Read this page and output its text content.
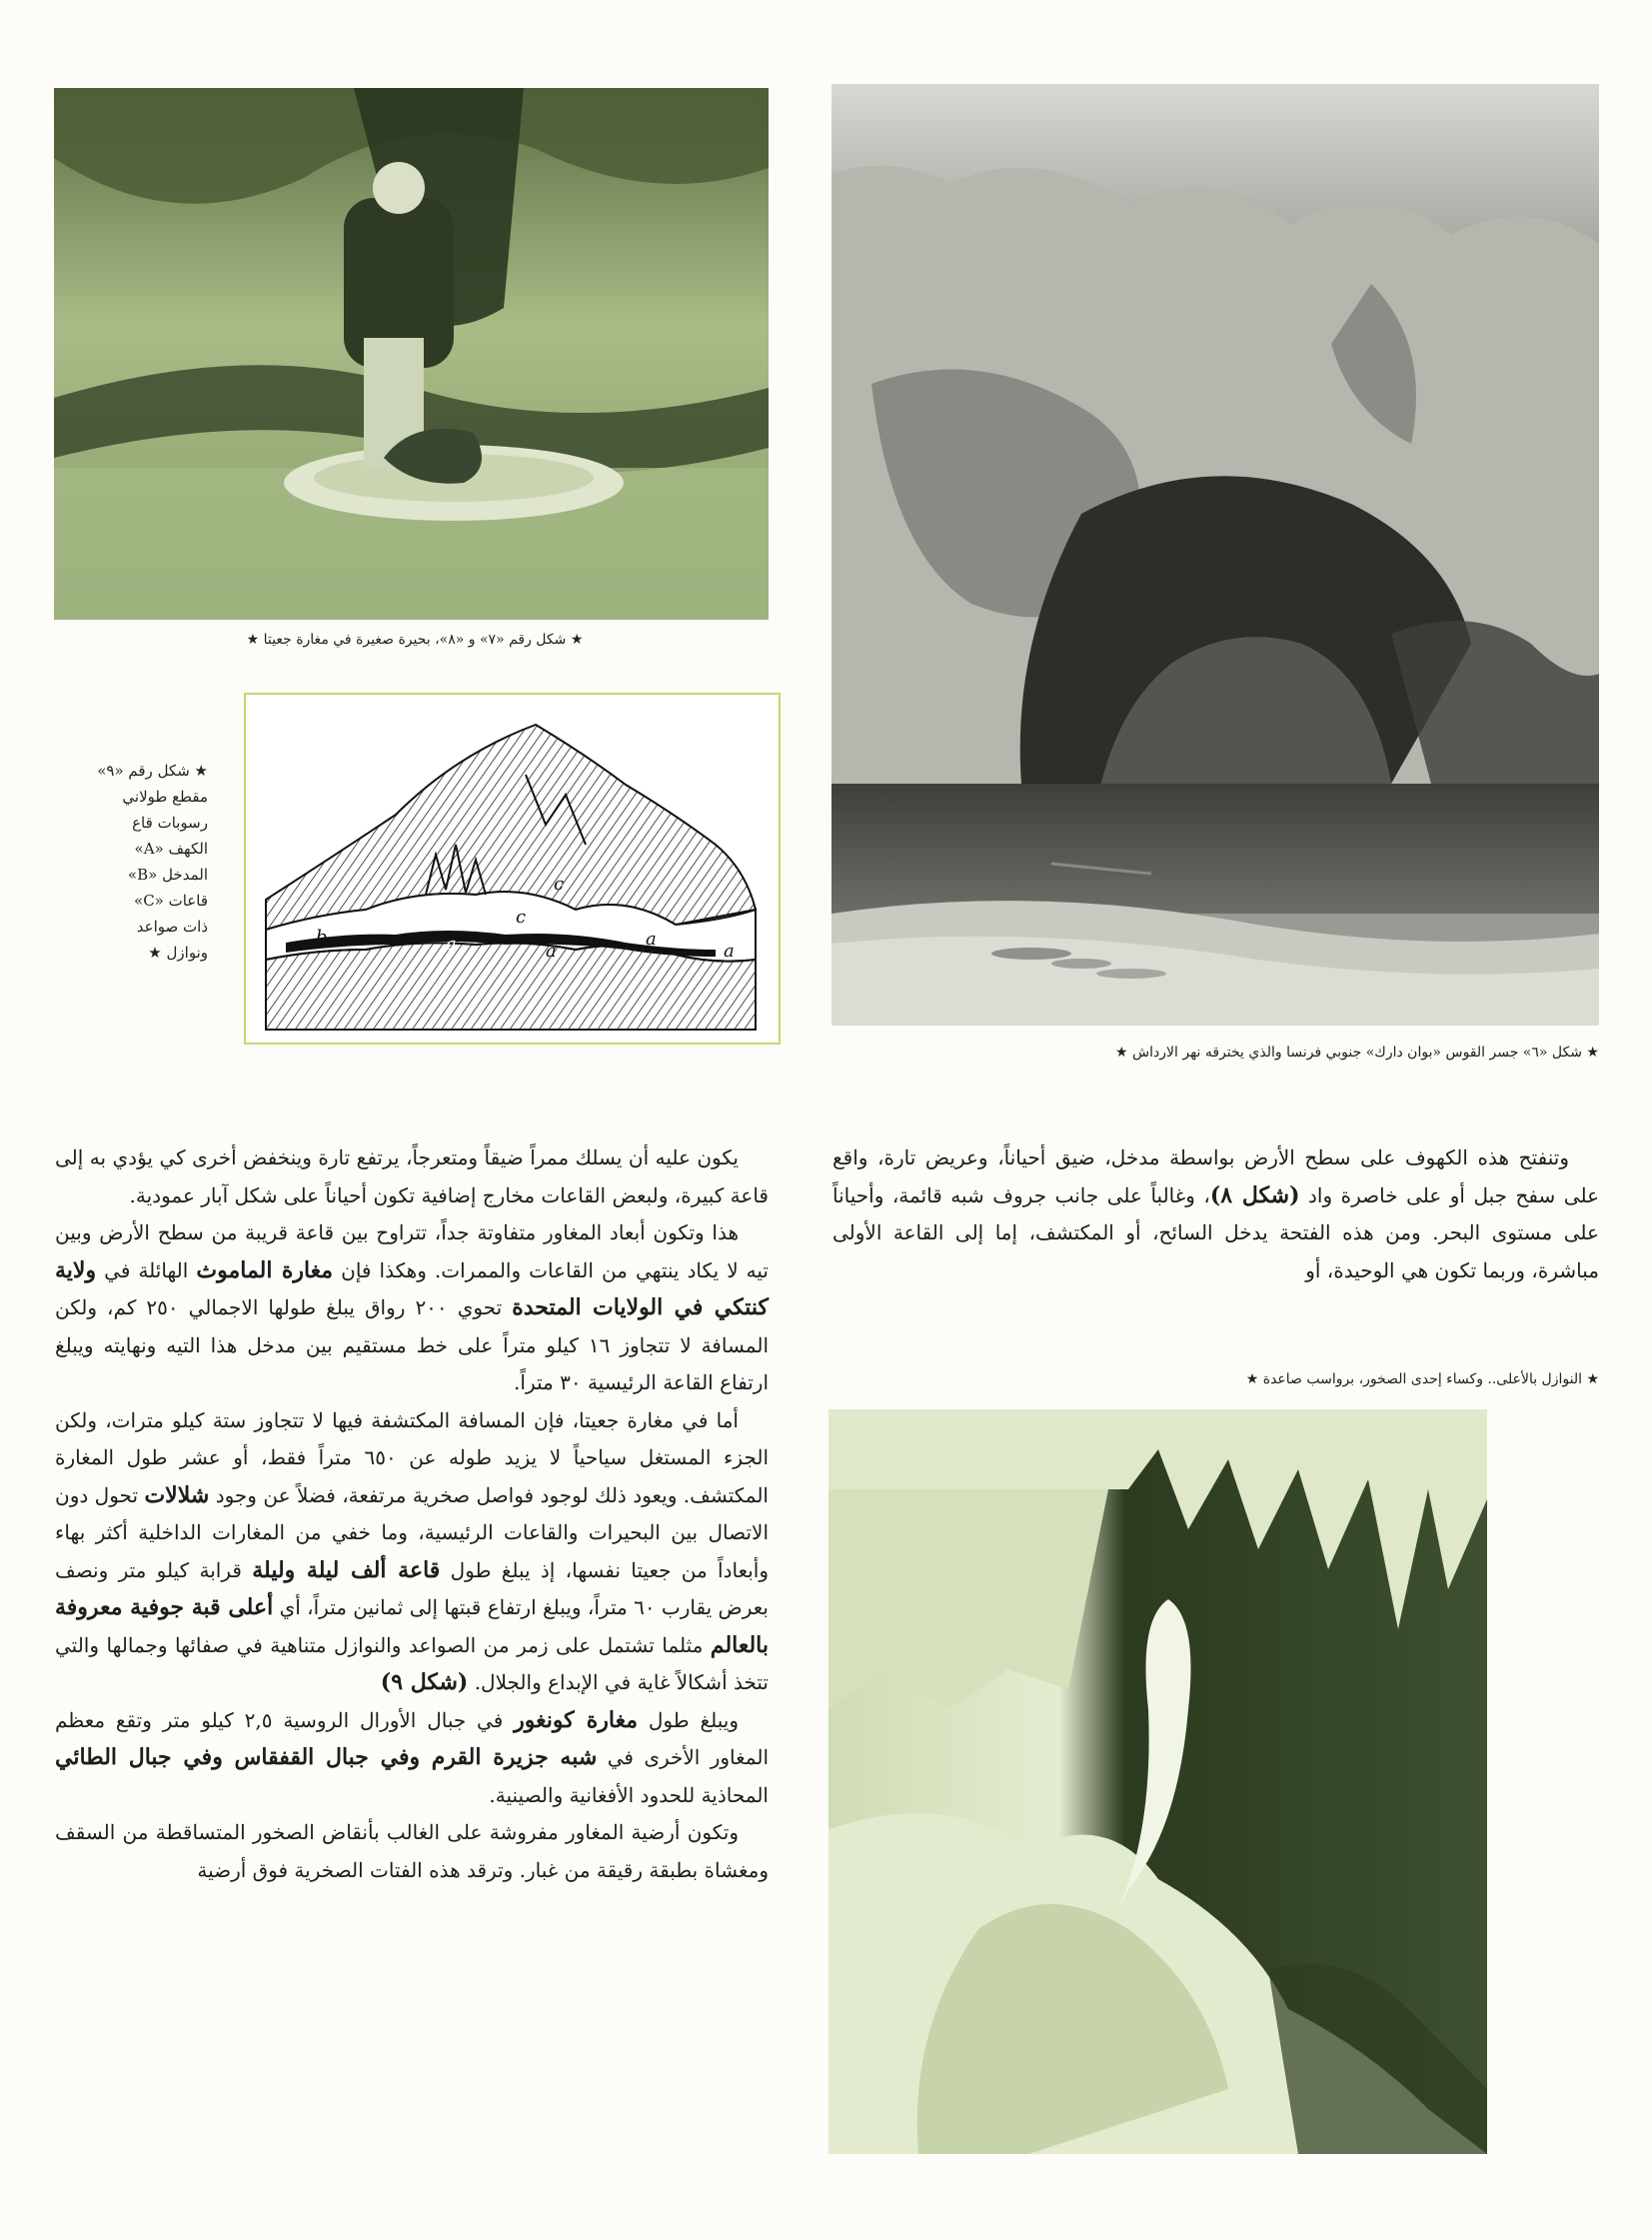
★ شكل رقم «٧» و «٨»، بحيرة صغيرة في مغارة جعيتا ★
b
c
c
a	a
a
a
★ شكل رقم «٩»
مقطع طولاني
رسوبات قاع
الكهف «A»
المدخل «B»
قاعات «C»
ذات صواعد
ونوازل ★
★ شكل «٦» جسر القوس «بوان دارك» جنوبي فرنسا والذي يخترقه نهر الارداش ★

وتنفتح هذه الكهوف على سطح الأرض بواسطة مدخل، ضيق أحياناً، وعريض تارة، واقع على سفح جبل أو على خاصرة واد (شكل ٨)، وغالباً على جانب جروف شبه قائمة، وأحياناً على مستوى البحر. ومن هذه الفتحة يدخل السائح، أو المكتشف، إما إلى القاعة الأولى مباشرة، وربما تكون هي الوحيدة، أو

★ النوازل بالأعلى.. وكساء إحدى الصخور، برواسب صاعدة ★

يكون عليه أن يسلك ممراً ضيقاً ومتعرجاً، يرتفع تارة وينخفض أخرى كي يؤدي به إلى قاعة كبيرة، ولبعض القاعات مخارج إضافية تكون أحياناً على شكل آبار عمودية.

هذا وتكون أبعاد المغاور متفاوتة جداً، تتراوح بين قاعة قريبة من سطح الأرض وبين تيه لا يكاد ينتهي من القاعات والممرات. وهكذا فإن مغارة الماموث الهائلة في ولاية كنتكي في الولايات المتحدة تحوي ٢٠٠ رواق يبلغ طولها الاجمالي ٢٥٠ كم، ولكن المسافة لا تتجاوز ١٦ كيلو متراً على خط مستقيم بين مدخل هذا التيه ونهايته ويبلغ ارتفاع القاعة الرئيسية ٣٠ متراً.

أما في مغارة جعيتا، فإن المسافة المكتشفة فيها لا تتجاوز ستة كيلو مترات، ولكن الجزء المستغل سياحياً لا يزيد طوله عن ٦٥٠ متراً فقط، أو عشر طول المغارة المكتشف. ويعود ذلك لوجود فواصل صخرية مرتفعة، فضلاً عن وجود شلالات تحول دون الاتصال بين البحيرات والقاعات الرئيسية، وما خفي من المغارات الداخلية أكثر بهاء وأبعاداً من جعيتا نفسها، إذ يبلغ طول قاعة ألف ليلة وليلة قرابة كيلو متر ونصف بعرض يقارب ٦٠ متراً، ويبلغ ارتفاع قبتها إلى ثمانين متراً، أي أعلى قبة جوفية معروفة بالعالم مثلما تشتمل على زمر من الصواعد والنوازل متناهية في صفائها وجمالها والتي تتخذ أشكالاً غاية في الإبداع والجلال. (شكل ٩)

ويبلغ طول مغارة كونغور في جبال الأورال الروسية ٢,٥ كيلو متر وتقع معظم المغاور الأخرى في شبه جزيرة القرم وفي جبال القفقاس وفي جبال الطائي المحاذية للحدود الأفغانية والصينية.

وتكون أرضية المغاور مفروشة على الغالب بأنقاض الصخور المتساقطة من السقف ومغشاة بطبقة رقيقة من غبار. وترقد هذه الفتات الصخرية فوق أرضية
